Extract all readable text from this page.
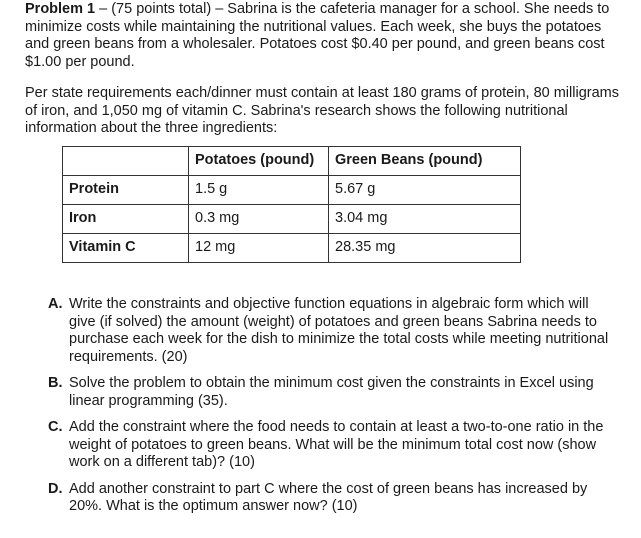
Problem 1 – (75 points total) – Sabrina is the cafeteria manager for a school. She needs to minimize costs while maintaining the nutritional values. Each week, she buys the potatoes and green beans from a wholesaler. Potatoes cost $0.40 per pound, and green beans cost $1.00 per pound.

Per state requirements each/dinner must contain at least 180 grams of protein, 80 milligrams of iron, and 1,050 mg of vitamin C. Sabrina's research shows the following nutritional information about the three ingredients:

	Potatoes (pound)	Green Beans (pound)
Protein	1.5 g	5.67 g
Iron	0.3 mg	3.04 mg
Vitamin C	12 mg	28.35 mg
A. Write the constraints and objective function equations in algebraic form which will give (if solved) the amount (weight) of potatoes and green beans Sabrina needs to purchase each week for the dish to minimize the total costs while meeting nutritional requirements. (20)
B. Solve the problem to obtain the minimum cost given the constraints in Excel using linear programming (35).
C. Add the constraint where the food needs to contain at least a two-to-one ratio in the weight of potatoes to green beans. What will be the minimum total cost now (show work on a different tab)? (10)
D. Add another constraint to part C where the cost of green beans has increased by 20%. What is the optimum answer now? (10)
